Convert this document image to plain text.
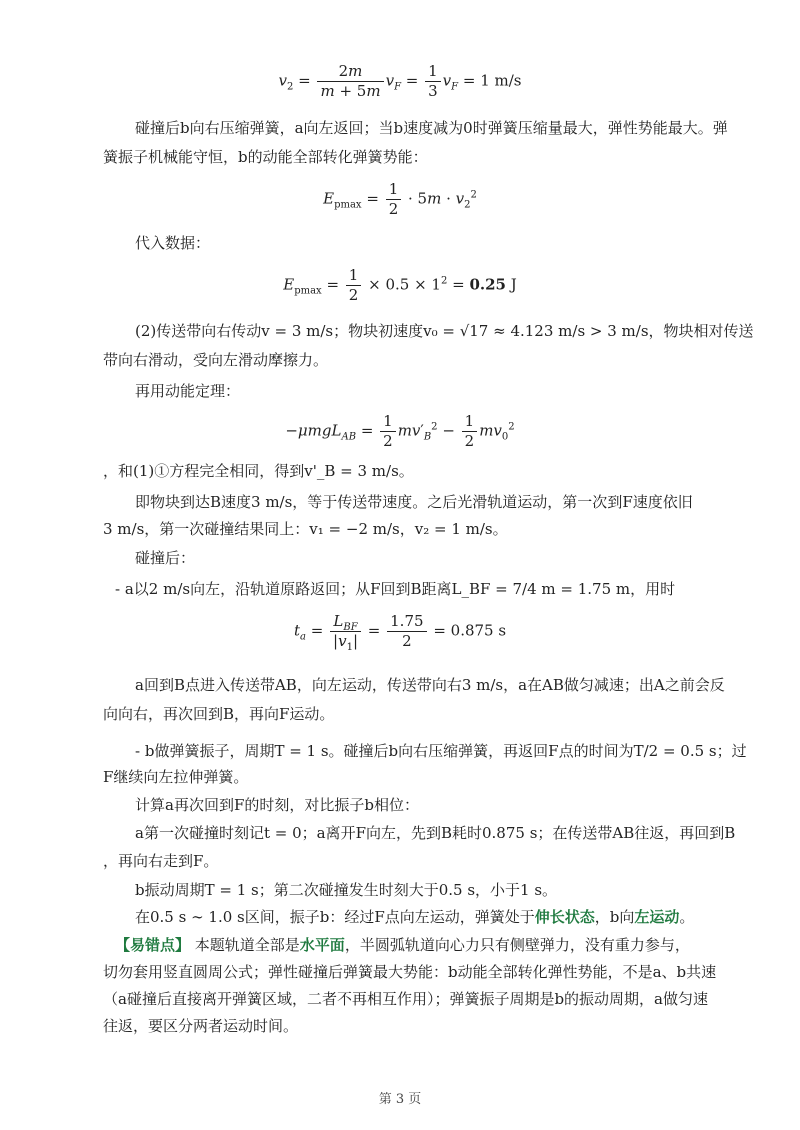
$v_2 = \frac{2m}{m + 5m} v_F = \frac{1}{3} v_F = 1$ m/s
碰撞后b向右压缩弹簧，a向左返回；当b速度减为0时弹簧压缩量最大，弹性势能最大。弹
簧振子机械能守恒，b的动能全部转化弹簧势能：
$E_{pmax} = \frac{1}{2} \cdot 5m \cdot v_2^2$
代入数据：
$E_{pmax} = \frac{1}{2} \times 0.5 \times 1^2 = 0.25$ J
(2)传送带向右传动v = 3 m/s；物块初速度v₀ = √17 ≈ 4.123 m/s > 3 m/s，物块相对传送
带向右滑动，受向左滑动摩擦力。
再用动能定理：
$-\mu mgL_{AB} = \frac{1}{2} mv'_B^2 - \frac{1}{2} mv_0^2$
，和(1)①方程完全相同，得到v'_B = 3 m/s。
即物块到达B速度3 m/s，等于传送带速度。之后光滑轨道运动，第一次到F速度依旧
3 m/s，第一次碰撞结果同上：v₁ = −2 m/s，v₂ = 1 m/s。
碰撞后：
- a以2 m/s向左，沿轨道原路返回；从F回到B距离L_BF = 7/4 m = 1.75 m，用时
$t_a = \frac{L_{BF}}{|v_1|} = \frac{1.75}{2} = 0.875$ s
a回到B点进入传送带AB，向左运动，传送带向右3 m/s，a在AB做匀减速；出A之前会反
向向右，再次回到B，再向F运动。
- b做弹簧振子，周期T = 1 s。碰撞后b向右压缩弹簧，再返回F点的时间为T/2 = 0.5 s；过
F继续向左拉伸弹簧。
计算a再次回到F的时刻，对比振子b相位：
a第一次碰撞时刻记t = 0；a离开F向左，先到B耗时0.875 s；在传送带AB往返，再回到B
，再向右走到F。
b振动周期T = 1 s；第二次碰撞发生时刻大于0.5 s，小于1 s。
在0.5 s ∼ 1.0 s区间，振子b：经过F点向左运动，弹簧处于伸长状态，b向左运动。
【易错点】 本题轨道全部是水平面，半圆弧轨道向心力只有侧壁弹力，没有重力参与，
切勿套用竖直圆周公式；弹性碰撞后弹簧最大势能：b动能全部转化弹性势能，不是a、b共速
（a碰撞后直接离开弹簧区域，二者不再相互作用）；弹簧振子周期是b的振动周期，a做匀速
往返，要区分两者运动时间。
第 3 页
